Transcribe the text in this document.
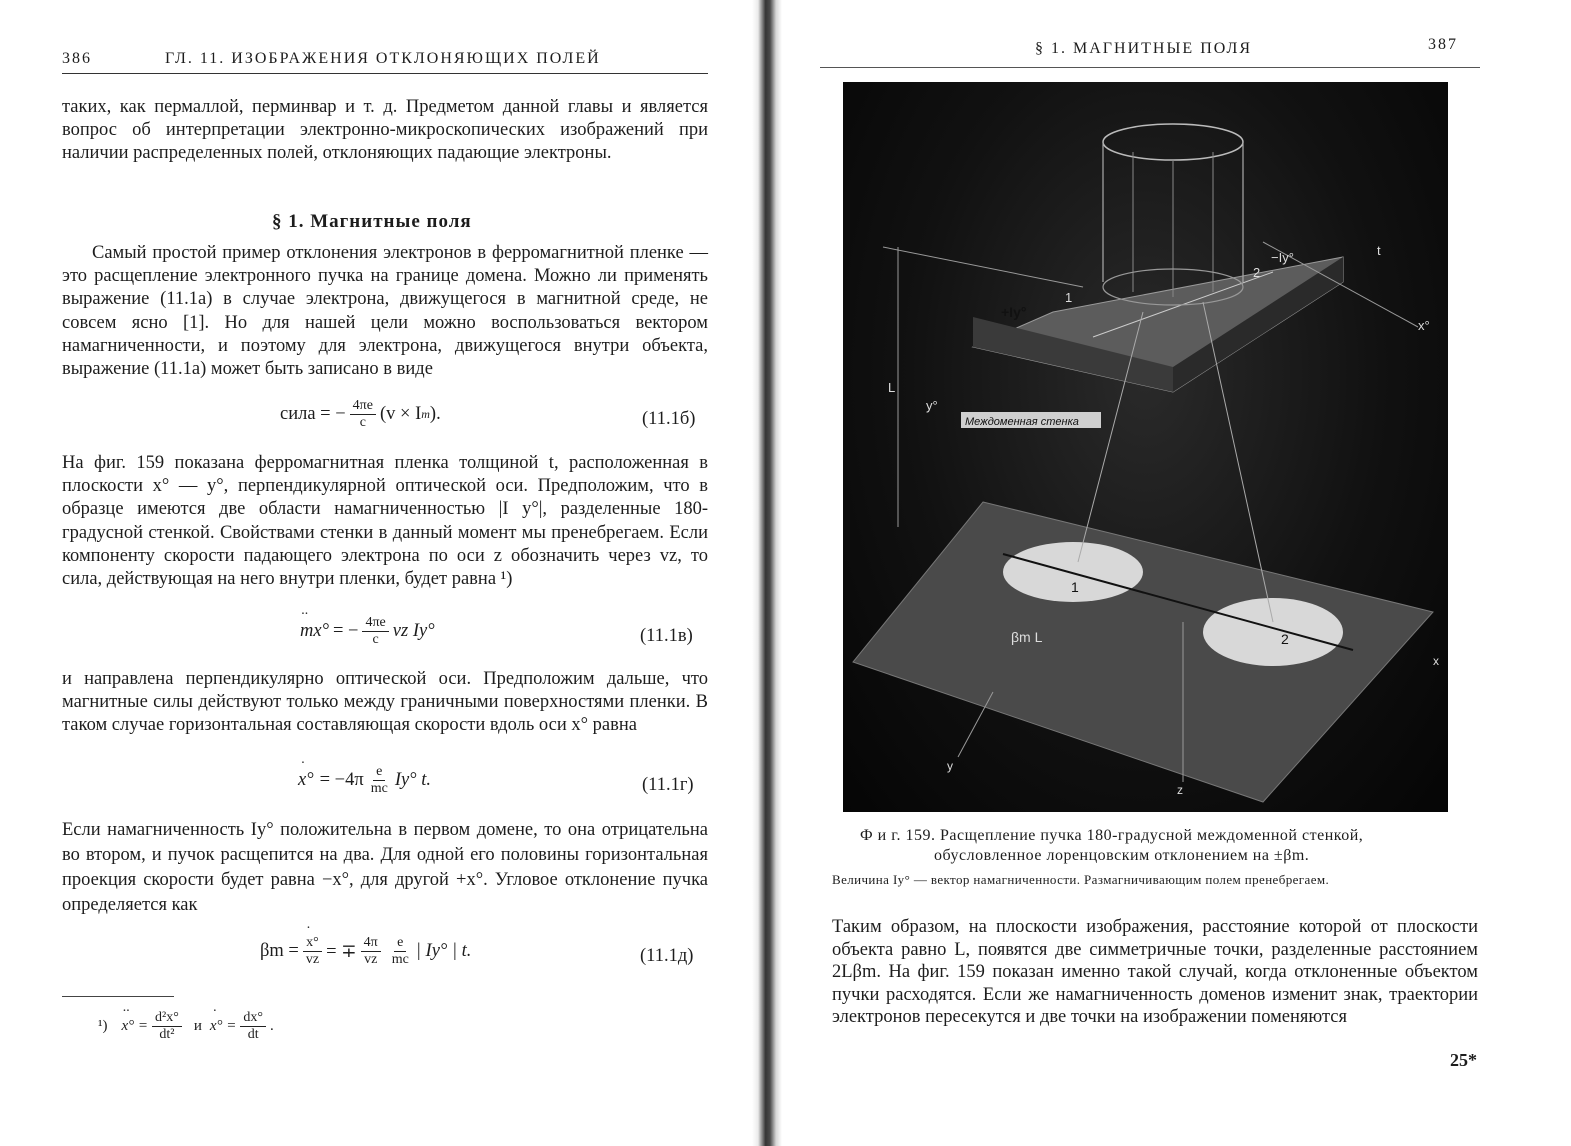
386	ГЛ. 11. ИЗОБРАЖЕНИЯ ОТКЛОНЯЮЩИХ ПОЛЕЙ

таких, как пермаллой, перминвар и т. д. Предметом данной главы и является вопрос об интерпретации электронно-микроскопических изображений при наличии распределенных полей, отклоняющих падающие электроны.

§ 1. Магнитные поля

Самый простой пример отклонения электронов в ферромагнитной пленке — это расщепление электронного пучка на границе домена. Можно ли применять выражение (11.1а) в случае электрона, движущегося в магнитной среде, не совсем ясно [1]. Но для нашей цели можно воспользоваться вектором намагниченности, и поэтому для электрона, движущегося внутри объекта, выражение (11.1а) может быть записано в виде

сила = − $\frac{4\pi e}{c} (v \times I$ m ).	(11.1б)

На фиг. 159 показана ферромагнитная пленка толщиной t, расположенная в плоскости x° — y°, перпендикулярной оптической оси. Предположим, что в образце имеются две области намагниченностью |I y°|, разделенные 180-градусной стенкой. Свойствами стенки в данный момент мы пренебрегаем. Если компоненту скорости падающего электрона по оси z обозначить через vz, то сила, действующая на него внутри пленки, будет равна ¹)

·· mx° = − $\frac{4\pi e}{c}$ vz Iy°	(11.1в)

и направлена перпендикулярно оптической оси. Предположим дальше, что магнитные силы действуют только между граничными поверхностями пленки. В таком случае горизонтальная составляющая скорости вдоль оси x° равна

· $x^\circ = -4\pi \frac{e}{mc} Iy^\circ$ t.	(11.1г)

Если намагниченность Iy° положительна в первом домене, то она отрицательна во втором, и пучок расщепится на два. Для одной его половины горизонтальная проекция скорости будет равна −x°, для другой +x°. Угловое отклонение пучка определяется как

βm =
· $\frac{x^\circ}{vz}$ = ∓ $\frac{4\pi}{vz} \frac{e}{mc}$ | Iy° | t.	(11.1д)
¹)
·· $x^\circ = \frac{\text{d²x°}}{\text{dt²}}$ и
· $x^\circ = \frac{dx^\circ}{dt}$ .
§ 1. МАГНИТНЫЕ ПОЛЯ	387
+Iy°
1
2
−Iy°	t
L
y°
x°
Междоменная стенка
βm L
1
2
x
y
z
Ф и г. 159. Расщепление пучка 180-градусной междоменной стенкой,
обусловленное лоренцовским отклонением на ±βm.
Величина Iy° — вектор намагниченности. Размагничивающим полем пренебрегаем.

Таким образом, на плоскости изображения, расстояние которой от плоскости объекта равно L, появятся две симметричные точки, разделенные расстоянием 2Lβm. На фиг. 159 показан именно такой случай, когда отклоненные объектом пучки расходятся. Если же намагниченность доменов изменит знак, траектории электронов пересекутся и две точки на изображении поменяются

25*
